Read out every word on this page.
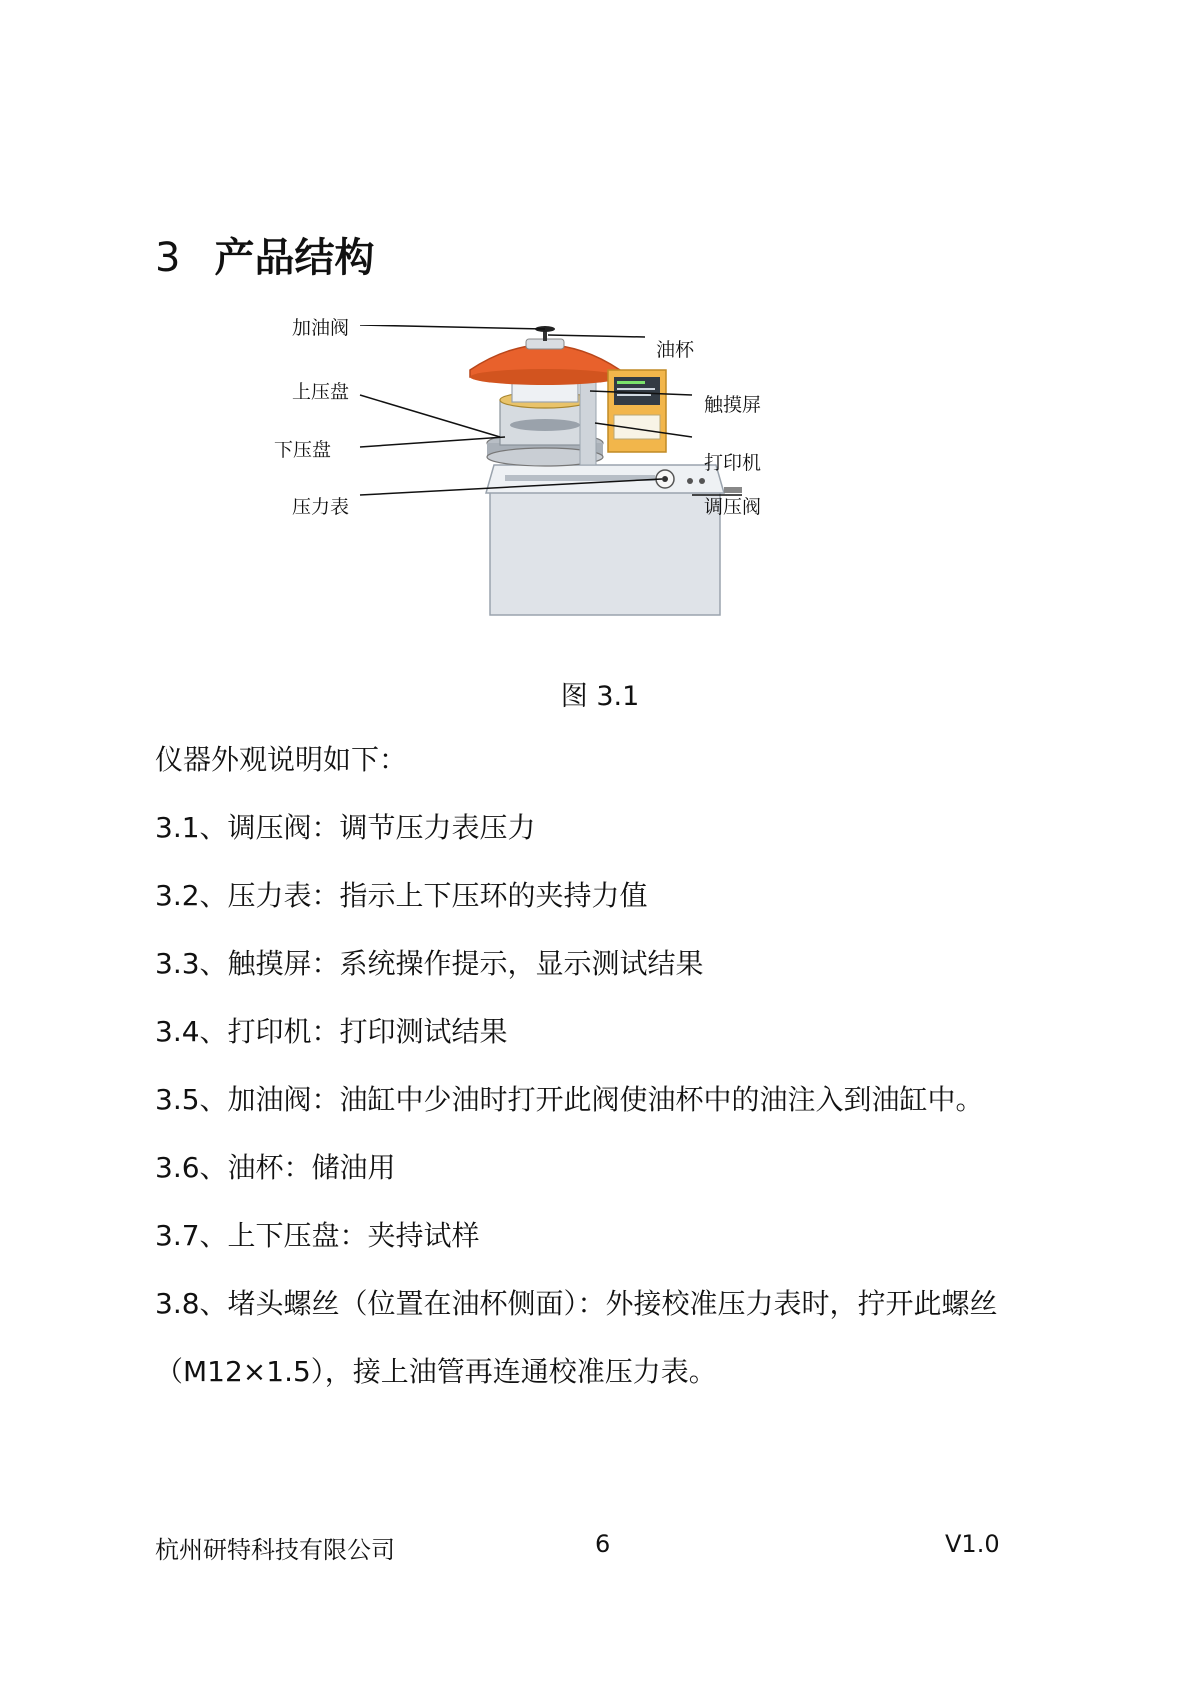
3 产品结构
加油阀
油杯
上压盘
触摸屏
下压盘
打印机
压力表	调压阀
图 3.1
仪器外观说明如下：
3.1、调压阀：调节压力表压力
3.2、压力表：指示上下压环的夹持力值
3.3、触摸屏：系统操作提示，显示测试结果
3.4、打印机：打印测试结果
3.5、加油阀：油缸中少油时打开此阀使油杯中的油注入到油缸中。
3.6、油杯：储油用
3.7、上下压盘：夹持试样
3.8、堵头螺丝（位置在油杯侧面）：外接校准压力表时，拧开此螺丝
（M12×1.5），接上油管再连通校准压力表。
杭州研特科技有限公司	6	V1.0
